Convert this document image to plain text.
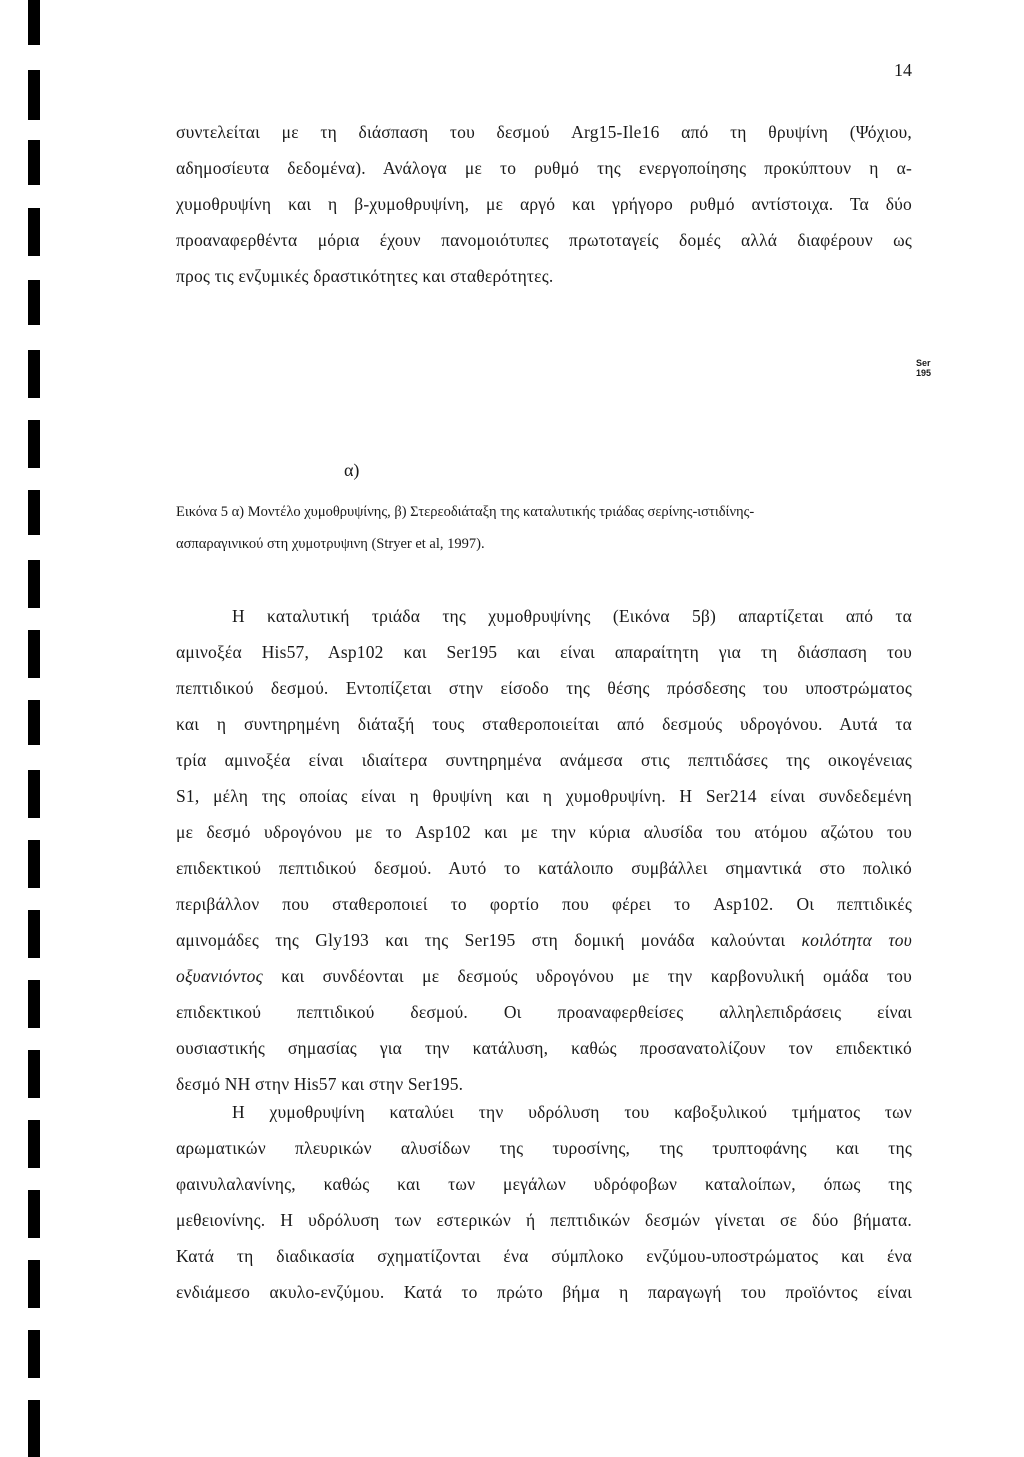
14
συντελείται με τη διάσπαση του δεσμού Arg15-Ile16 από τη θρυψίνη (Ψόχιου,
αδημοσίευτα δεδομένα). Ανάλογα με το ρυθμό της ενεργοποίησης προκύπτουν η α-
χυμοθρυψίνη και η β-χυμοθρυψίνη, με αργό και γρήγορο ρυθμό αντίστοιχα. Τα δύο
προαναφερθέντα μόρια έχουν πανομοιότυπες πρωτοταγείς δομές αλλά διαφέρουν ως
προς τις ενζυμικές δραστικότητες και σταθερότητες.
Ser 195
α)
Εικόνα 5 α) Μοντέλο χυμοθρυψίνης, β) Στερεοδιάταξη της καταλυτικής τριάδας σερίνης-ιστιδίνης-
ασπαραγινικού στη χυμοτρυψινη (Stryer et al, 1997).
Η καταλυτική τριάδα της χυμοθρυψίνης (Εικόνα 5β) απαρτίζεται από τα
αμινοξέα His57, Asp102 και Ser195 και είναι απαραίτητη για τη διάσπαση του
πεπτιδικού δεσμού. Εντοπίζεται στην είσοδο της θέσης πρόσδεσης του υποστρώματος
και η συντηρημένη διάταξή τους σταθεροποιείται από δεσμούς υδρογόνου. Αυτά τα
τρία αμινοξέα είναι ιδιαίτερα συντηρημένα ανάμεσα στις πεπτιδάσες της οικογένειας
S1, μέλη της οποίας είναι η θρυψίνη και η χυμοθρυψίνη. Η Ser214 είναι συνδεδεμένη
με δεσμό υδρογόνου με το Asp102 και με την κύρια αλυσίδα του ατόμου αζώτου του
επιδεκτικού πεπτιδικού δεσμού. Αυτό το κατάλοιπο συμβάλλει σημαντικά στο πολικό
περιβάλλον που σταθεροποιεί το φορτίο που φέρει το Asp102. Οι πεπτιδικές
αμινομάδες της Gly193 και της Ser195 στη δομική μονάδα καλούνται κοιλότητα του
οξυανιόντος και συνδέονται με δεσμούς υδρογόνου με την καρβονυλική ομάδα του
επιδεκτικού πεπτιδικού δεσμού. Οι προαναφερθείσες αλληλεπιδράσεις είναι
ουσιαστικής σημασίας για την κατάλυση, καθώς προσανατολίζουν τον επιδεκτικό
δεσμό ΝΗ στην His57 και στην Ser195.
Η χυμοθρυψίνη καταλύει την υδρόλυση του καβοξυλικού τμήματος των
αρωματικών πλευρικών αλυσίδων της τυροσίνης, της τρυπτοφάνης και της
φαινυλαλανίνης, καθώς και των μεγάλων υδρόφοβων καταλοίπων, όπως της
μεθειονίνης. Η υδρόλυση των εστερικών ή πεπτιδικών δεσμών γίνεται σε δύο βήματα.
Κατά τη διαδικασία σχηματίζονται ένα σύμπλοκο ενζύμου-υποστρώματος και ένα
ενδιάμεσο ακυλο-ενζύμου. Κατά το πρώτο βήμα η παραγωγή του προϊόντος είναι
